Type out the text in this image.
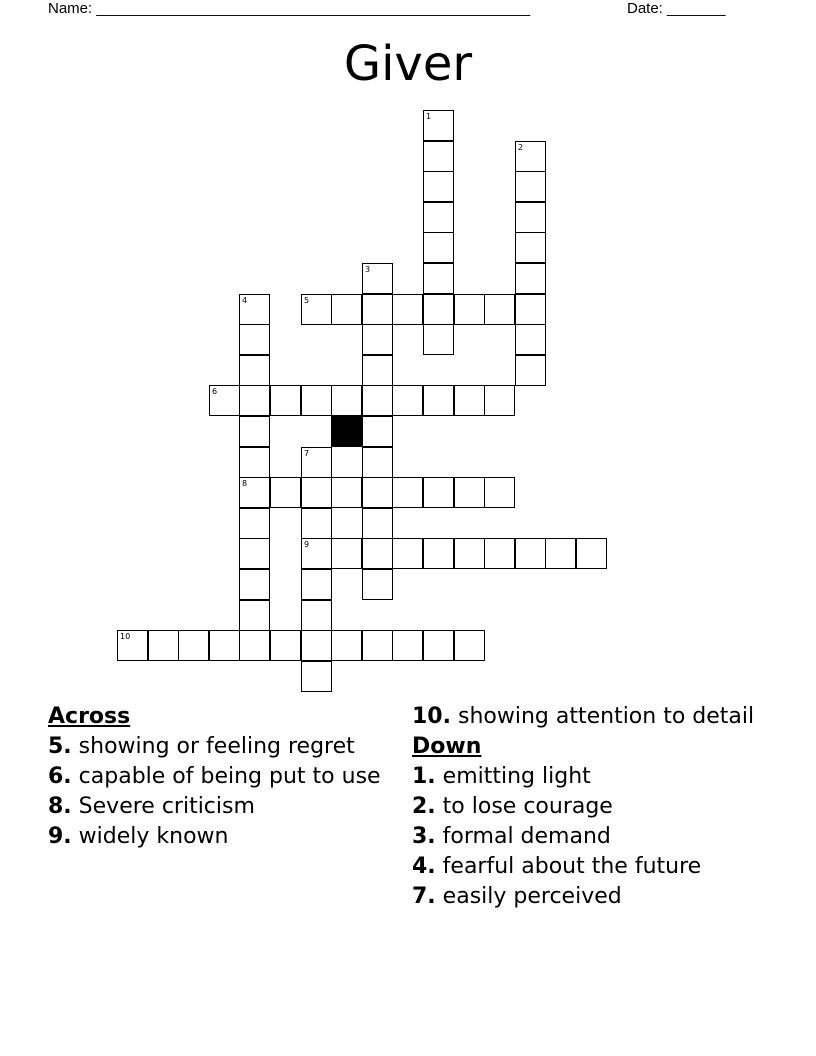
Name: ____________________________________________________	Date: _______
Giver
1
2
3
4
8
5
6
7
9
10
Across
5. showing or feeling regret
6. capable of being put to use
8. Severe criticism
9. widely known
10. showing attention to detail
Down
1. emitting light
2. to lose courage
3. formal demand
4. fearful about the future
7. easily perceived
